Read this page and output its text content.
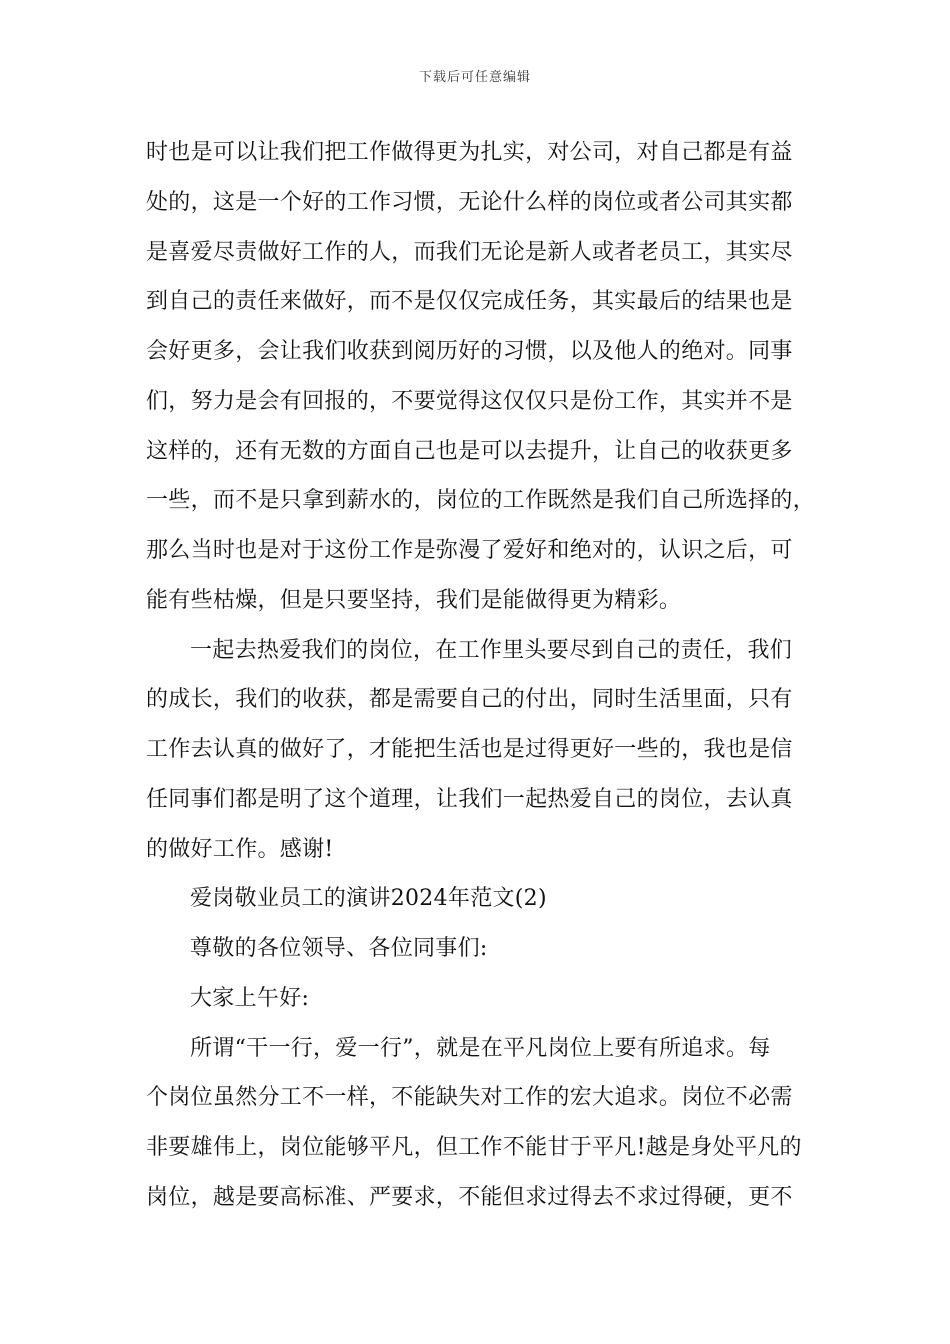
下载后可任意编辑
时也是可以让我们把工作做得更为扎实，对公司，对自己都是有益
处的，这是一个好的工作习惯，无论什么样的岗位或者公司其实都
是喜爱尽责做好工作的人，而我们无论是新人或者老员工，其实尽
到自己的责任来做好，而不是仅仅完成任务，其实最后的结果也是
会好更多，会让我们收获到阅历好的习惯，以及他人的绝对。同事
们，努力是会有回报的，不要觉得这仅仅只是份工作，其实并不是
这样的，还有无数的方面自己也是可以去提升，让自己的收获更多
一些，而不是只拿到薪水的，岗位的工作既然是我们自己所选择的，
那么当时也是对于这份工作是弥漫了爱好和绝对的，认识之后，可
能有些枯燥，但是只要坚持，我们是能做得更为精彩。
一起去热爱我们的岗位，在工作里头要尽到自己的责任，我们
的成长，我们的收获，都是需要自己的付出，同时生活里面，只有
工作去认真的做好了，才能把生活也是过得更好一些的，我也是信
任同事们都是明了这个道理，让我们一起热爱自己的岗位，去认真
的做好工作。感谢!
爱岗敬业员工的演讲2024年范文(2)
尊敬的各位领导、各位同事们:
大家上午好:
所谓“干一行，爱一行”，就是在平凡岗位上要有所追求。每
个岗位虽然分工不一样，不能缺失对工作的宏大追求。岗位不必需
非要雄伟上，岗位能够平凡，但工作不能甘于平凡!越是身处平凡的
岗位，越是要高标准、严要求，不能但求过得去不求过得硬，更不
